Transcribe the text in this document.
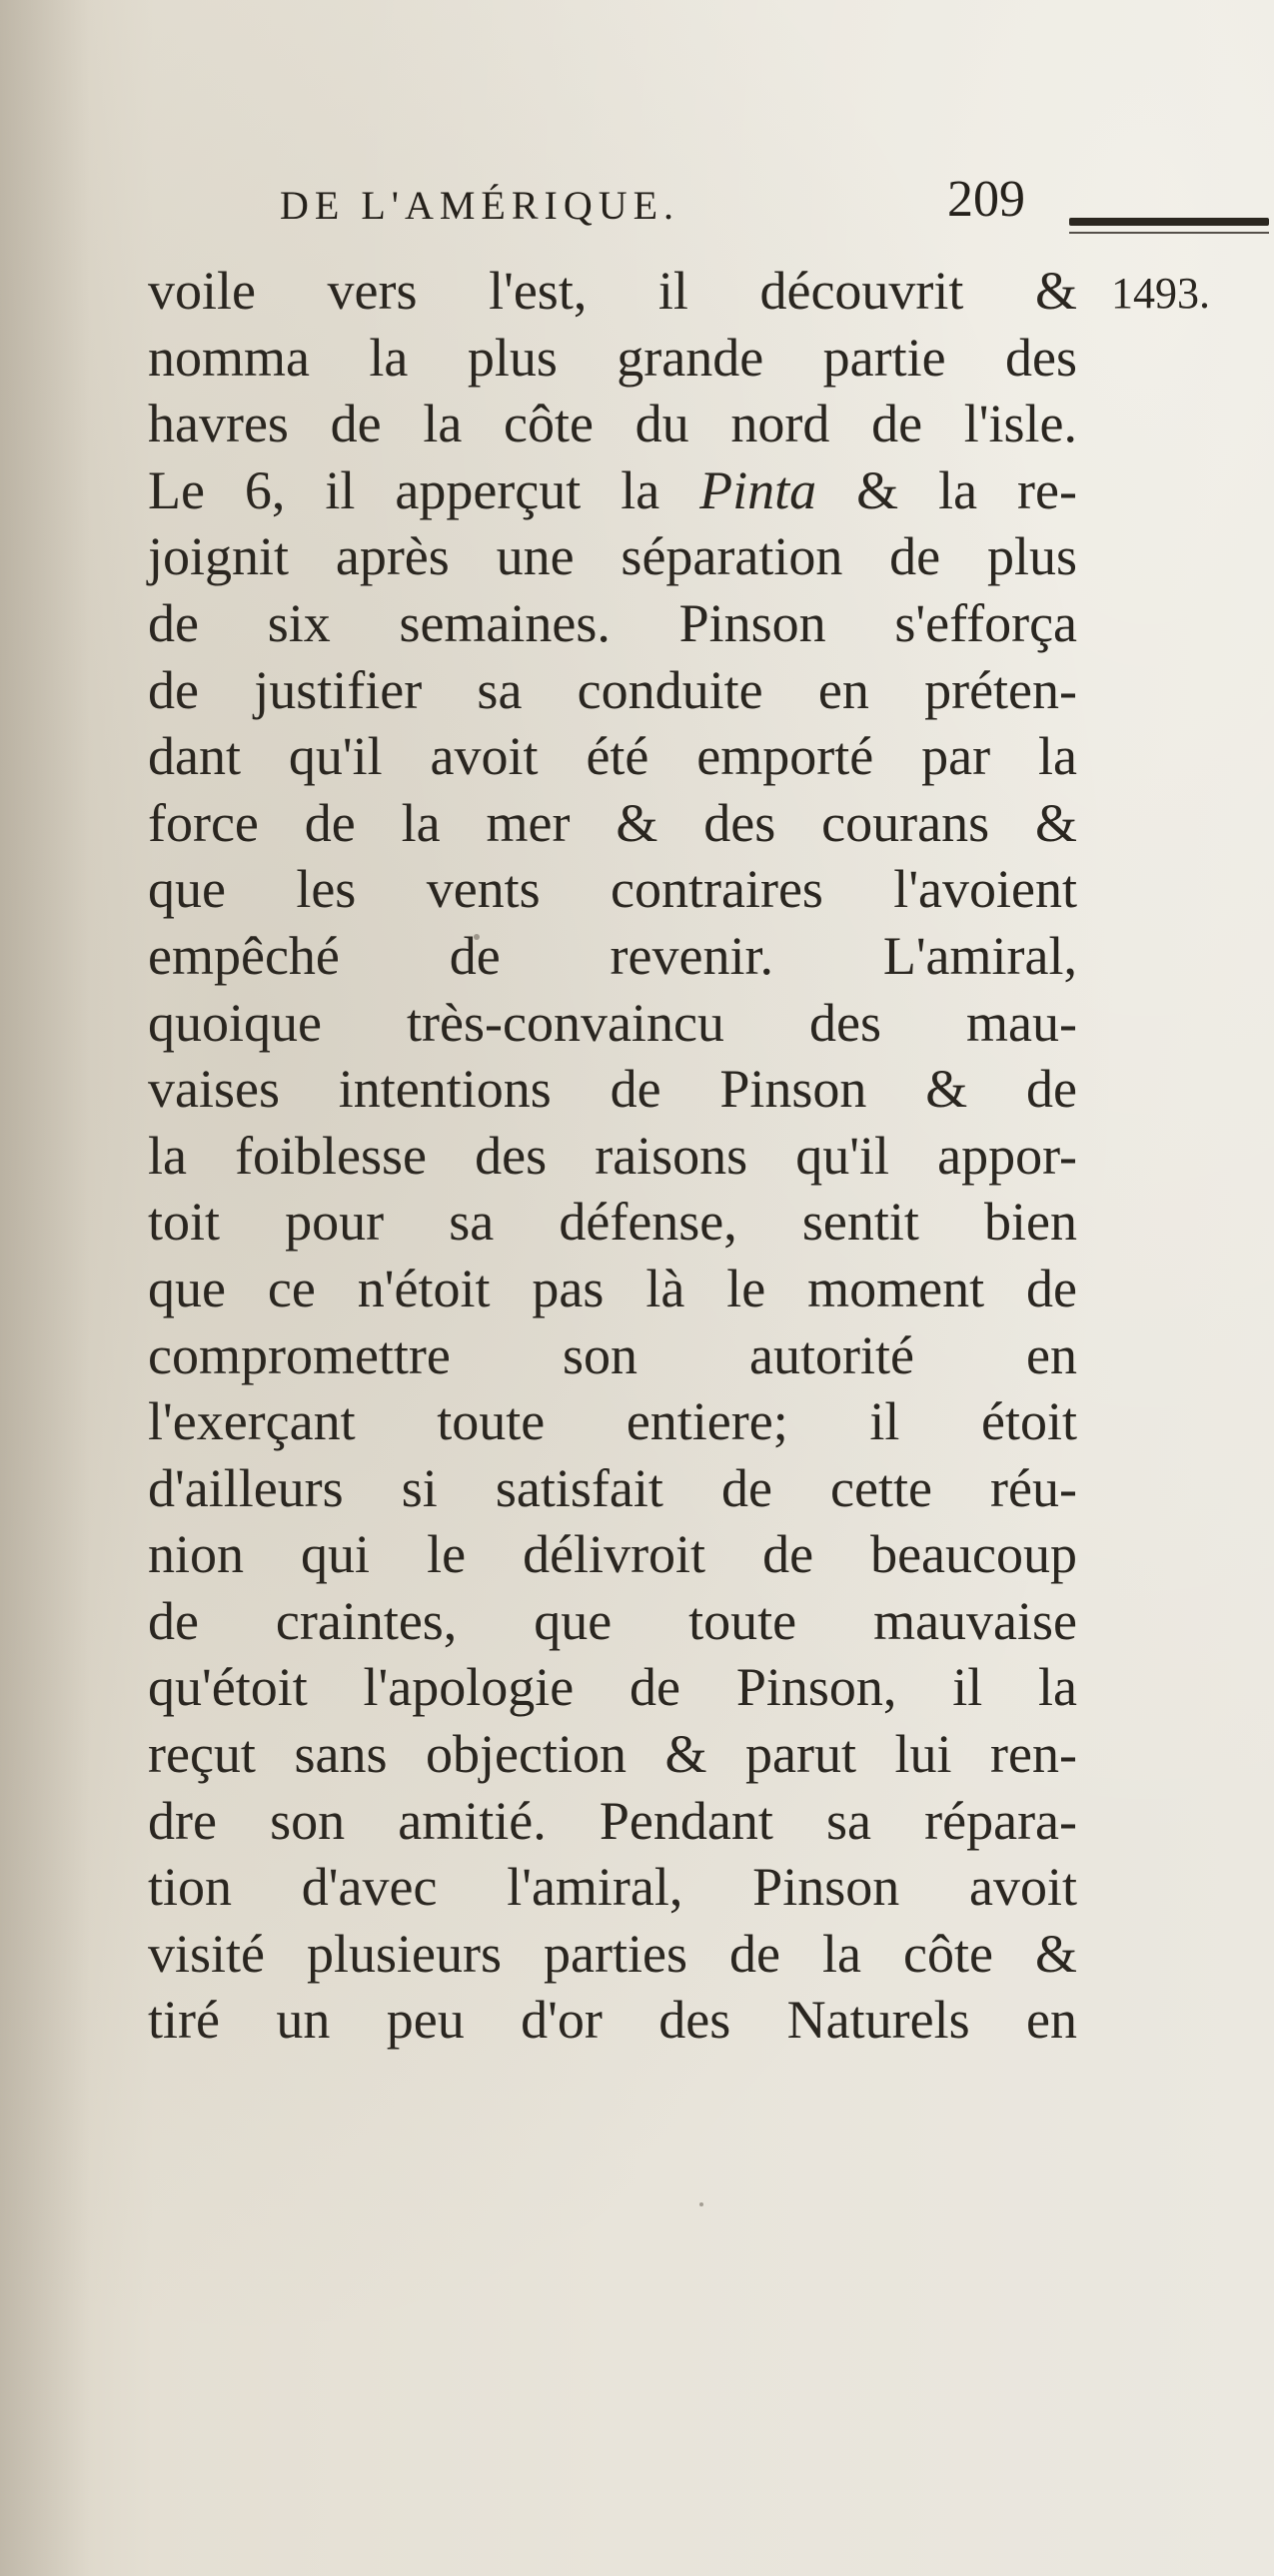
DE L'AMÉRIQUE.	209
1493.
voile vers l'est, il découvrit &
nomma la plus grande partie des
havres de la côte du nord de l'isle.
Le 6, il apperçut la Pinta & la re-
joignit après une séparation de plus
de six semaines. Pinson s'efforça
de justifier sa conduite en préten-
dant qu'il avoit été emporté par la
force de la mer & des courans &
que les vents contraires l'avoient
empêché de revenir. L'amiral,
quoique très-convaincu des mau-
vaises intentions de Pinson & de
la foiblesse des raisons qu'il appor-
toit pour sa défense, sentit bien
que ce n'étoit pas là le moment de
compromettre son autorité en
l'exerçant toute entiere; il étoit
d'ailleurs si satisfait de cette réu-
nion qui le délivroit de beaucoup
de craintes, que toute mauvaise
qu'étoit l'apologie de Pinson, il la
reçut sans objection & parut lui ren-
dre son amitié. Pendant sa répara-
tion d'avec l'amiral, Pinson avoit
visité plusieurs parties de la côte &
tiré un peu d'or des Naturels en
